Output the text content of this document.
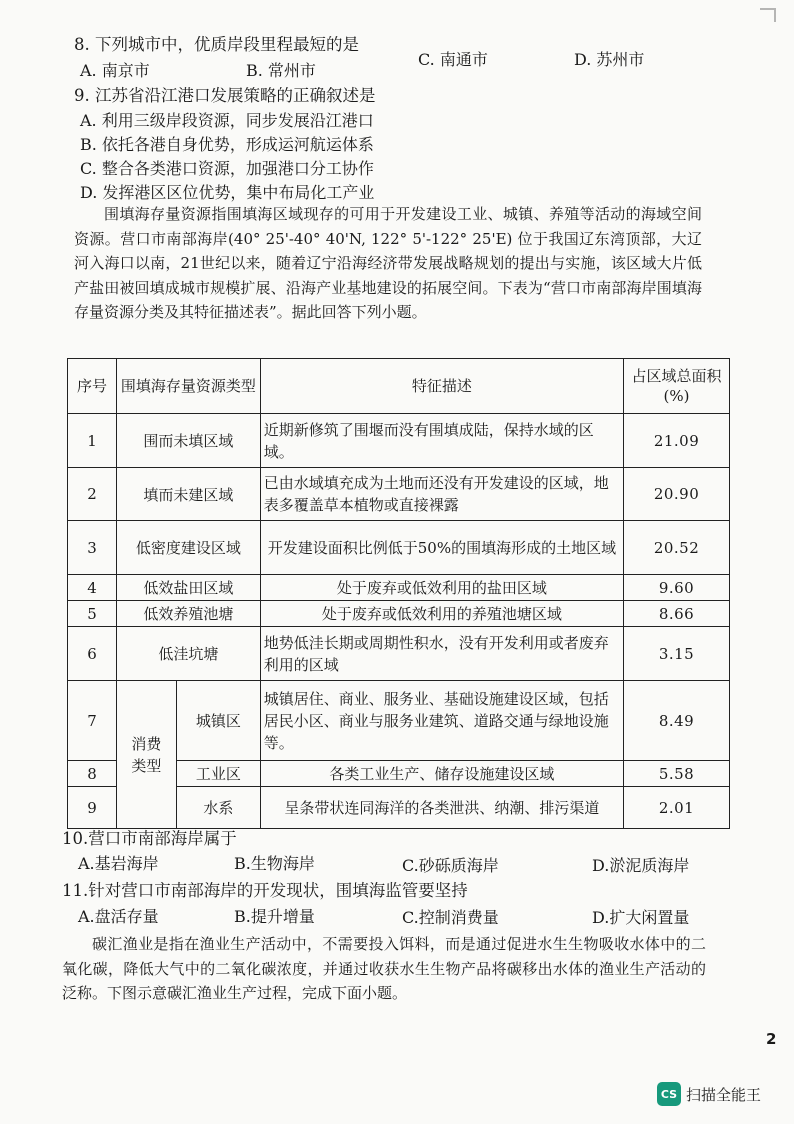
8. 下列城市中，优质岸段里程最短的是
A. 南京市	B. 常州市
C. 南通市	D. 苏州市
9. 江苏省沿江港口发展策略的正确叙述是
A. 利用三级岸段资源，同步发展沿江港口
B. 依托各港自身优势，形成运河航运体系
C. 整合各类港口资源，加强港口分工协作
D. 发挥港区区位优势，集中布局化工产业

围填海存量资源指围填海区域现存的可用于开发建设工业、城镇、养殖等活动的海域空间资源。营口市南部海岸(40° 25'-40° 40'N, 122° 5'-122° 25'E) 位于我国辽东湾顶部，大辽河入海口以南，21世纪以来，随着辽宁沿海经济带发展战略规划的提出与实施，该区域大片低产盐田被回填成城市规模扩展、沿海产业基地建设的拓展空间。下表为“营口市南部海岸围填海存量资源分类及其特征描述表”。据此回答下列小题。

序号	围填海存量资源类型		特征描述	占区域总面积(%)
1	围而未填区域		近期新修筑了围堰而没有围填成陆，保持水域的区域。	21.09
2	填而未建区域		已由水域填充成为土地而还没有开发建设的区域，地表多覆盖草本植物或直接裸露	20.90
3	低密度建设区域		开发建设面积比例低于50%的围填海形成的土地区域	20.52
4	低效盐田区域		处于废弃或低效利用的盐田区域	9.60
5	低效养殖池塘		处于废弃或低效利用的养殖池塘区域	8.66
6	低洼坑塘		地势低洼长期或周期性积水，没有开发利用或者废弃利用的区域	3.15
7	消费类型	城镇区	城镇居住、商业、服务业、基础设施建设区域，包括居民小区、商业与服务业建筑、道路交通与绿地设施等。	8.49
8		工业区	各类工业生产、储存设施建设区域	5.58
9		水系	呈条带状连同海洋的各类泄洪、纳潮、排污渠道	2.01
10.营口市南部海岸属于
A.基岩海岸	B.生物海岸	C.砂砾质海岸	D.淤泥质海岸
11.针对营口市南部海岸的开发现状，围填海监管要坚持
A.盘活存量	B.提升增量	C.控制消费量	D.扩大闲置量

碳汇渔业是指在渔业生产活动中，不需要投入饵料，而是通过促进水生生物吸收水体中的二氧化碳，降低大气中的二氧化碳浓度，并通过收获水生生物产品将碳移出水体的渔业生产活动的泛称。下图示意碳汇渔业生产过程，完成下面小题。

2
CS 扫描全能王
